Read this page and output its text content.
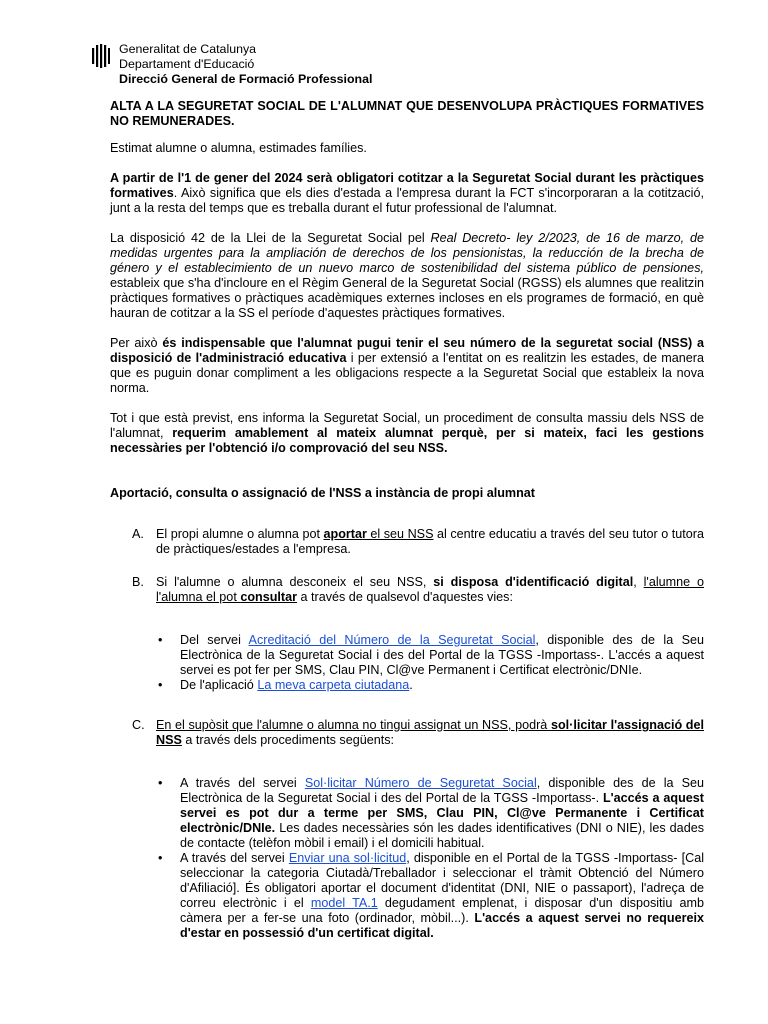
Generalitat de Catalunya
Departament d'Educació
Direcció General de Formació Professional

ALTA A LA SEGURETAT SOCIAL DE L'ALUMNAT QUE DESENVOLUPA PRÀCTIQUES FORMATIVES NO REMUNERADES.

Estimat alumne o alumna, estimades famílies.

A partir de l'1 de gener del 2024 serà obligatori cotitzar a la Seguretat Social durant les pràctiques formatives. Això significa que els dies d'estada a l'empresa durant la FCT s'incorporaran a la cotització, junt a la resta del temps que es treballa durant el futur professional de l'alumnat.

La disposició 42 de la Llei de la Seguretat Social pel Real Decreto- ley 2/2023, de 16 de marzo, de medidas urgentes para la ampliación de derechos de los pensionistas, la reducción de la brecha de género y el establecimiento de un nuevo marco de sostenibilidad del sistema público de pensiones, estableix que s'ha d'incloure en el Règim General de la Seguretat Social (RGSS) els alumnes que realitzin pràctiques formatives o pràctiques acadèmiques externes incloses en els programes de formació, en què hauran de cotitzar a la SS el període d'aquestes pràctiques formatives.

Per això és indispensable que l'alumnat pugui tenir el seu número de la seguretat social (NSS) a disposició de l'administració educativa i per extensió a l'entitat on es realitzin les estades, de manera que es puguin donar compliment a les obligacions respecte a la Seguretat Social que estableix la nova norma.

Tot i que està previst, ens informa la Seguretat Social, un procediment de consulta massiu dels NSS de l'alumnat, requerim amablement al mateix alumnat perquè, per si mateix, faci les gestions necessàries per l'obtenció i/o comprovació del seu NSS.

Aportació, consulta o assignació de l'NSS a instància de propi alumnat

A. El propi alumne o alumna pot aportar el seu NSS al centre educatiu a través del seu tutor o tutora de pràctiques/estades a l'empresa.
B. Si l'alumne o alumna desconeix el seu NSS, si disposa d'identificació digital, l'alumne o l'alumna el pot consultar a través de qualsevol d'aquestes vies:
•	Del servei Acreditació del Número de la Seguretat Social, disponible des de la Seu Electrònica de la Seguretat Social i des del Portal de la TGSS -Importass-. L'accés a aquest servei es pot fer per SMS, Clau PIN, Cl@ve Permanent i Certificat electrònic/DNIe.
•	De l'aplicació La meva carpeta ciutadana.
C. En el supòsit que l'alumne o alumna no tingui assignat un NSS, podrà sol·licitar l'assignació del NSS a través dels procediments següents:
•	A través del servei Sol·licitar Número de Seguretat Social, disponible des de la Seu Electrònica de la Seguretat Social i des del Portal de la TGSS -Importass-. L'accés a aquest servei es pot dur a terme per SMS, Clau PIN, Cl@ve Permanente i Certificat electrònic/DNIe. Les dades necessàries són les dades identificatives (DNI o NIE), les dades de contacte (telèfon mòbil i email) i el domicili habitual.
•	A través del servei Enviar una sol·licitud, disponible en el Portal de la TGSS -Importass- [Cal seleccionar la categoria Ciutadà/Treballador i seleccionar el tràmit Obtenció del Número d'Afiliació]. És obligatori aportar el document d'identitat (DNI, NIE o passaport), l'adreça de correu electrònic i el model TA.1 degudament emplenat, i disposar d'un dispositiu amb càmera per a fer-se una foto (ordinador, mòbil...). L'accés a aquest servei no requereix d'estar en possessió d'un certificat digital.
